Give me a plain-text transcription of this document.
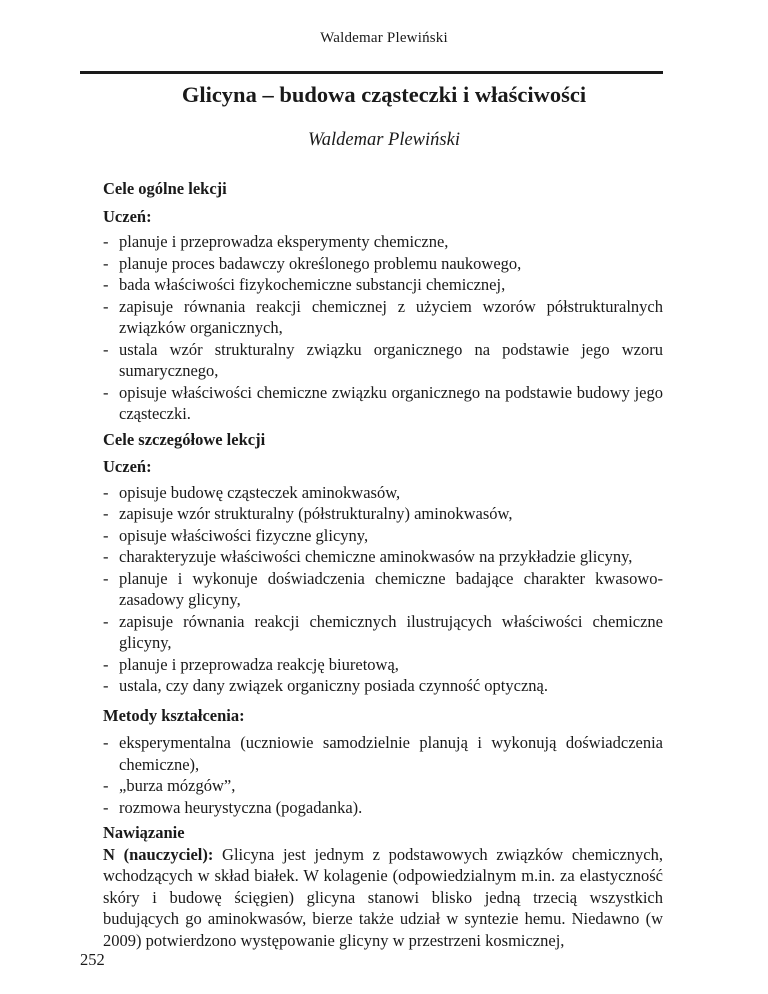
Waldemar Plewiński
Glicyna – budowa cząsteczki i właściwości
Waldemar Plewiński
Cele ogólne lekcji
Uczeń:
- planuje i przeprowadza eksperymenty chemiczne,
- planuje proces badawczy określonego problemu naukowego,
- bada właściwości fizykochemiczne substancji chemicznej,
- zapisuje równania reakcji chemicznej z użyciem wzorów półstrukturalnych związków organicznych,
- ustala wzór strukturalny związku organicznego na podstawie jego wzoru sumarycznego,
- opisuje właściwości chemiczne związku organicznego na podstawie budowy jego cząsteczki.
Cele szczegółowe lekcji
Uczeń:
- opisuje budowę cząsteczek aminokwasów,
- zapisuje wzór strukturalny (półstrukturalny) aminokwasów,
- opisuje właściwości fizyczne glicyny,
- charakteryzuje właściwości chemiczne aminokwasów na przykładzie glicyny,
- planuje i wykonuje doświadczenia chemiczne badające charakter kwasowo-zasadowy glicyny,
- zapisuje równania reakcji chemicznych ilustrujących właściwości chemiczne glicyny,
- planuje i przeprowadza reakcję biuretową,
- ustala, czy dany związek organiczny posiada czynność optyczną.
Metody kształcenia:
- eksperymentalna (uczniowie samodzielnie planują i wykonują doświadczenia chemiczne),
- „burza mózgów”,
- rozmowa heurystyczna (pogadanka).
Nawiązanie

N (nauczyciel): Glicyna jest jednym z podstawowych związków chemicznych, wchodzących w skład białek. W kolagenie (odpowiedzialnym m.in. za elastyczność skóry i budowę ścięgien) glicyna stanowi blisko jedną trzecią wszystkich budujących go aminokwasów, bierze także udział w syntezie hemu. Niedawno (w 2009) potwierdzono występowanie glicyny w przestrzeni kosmicznej,

252
